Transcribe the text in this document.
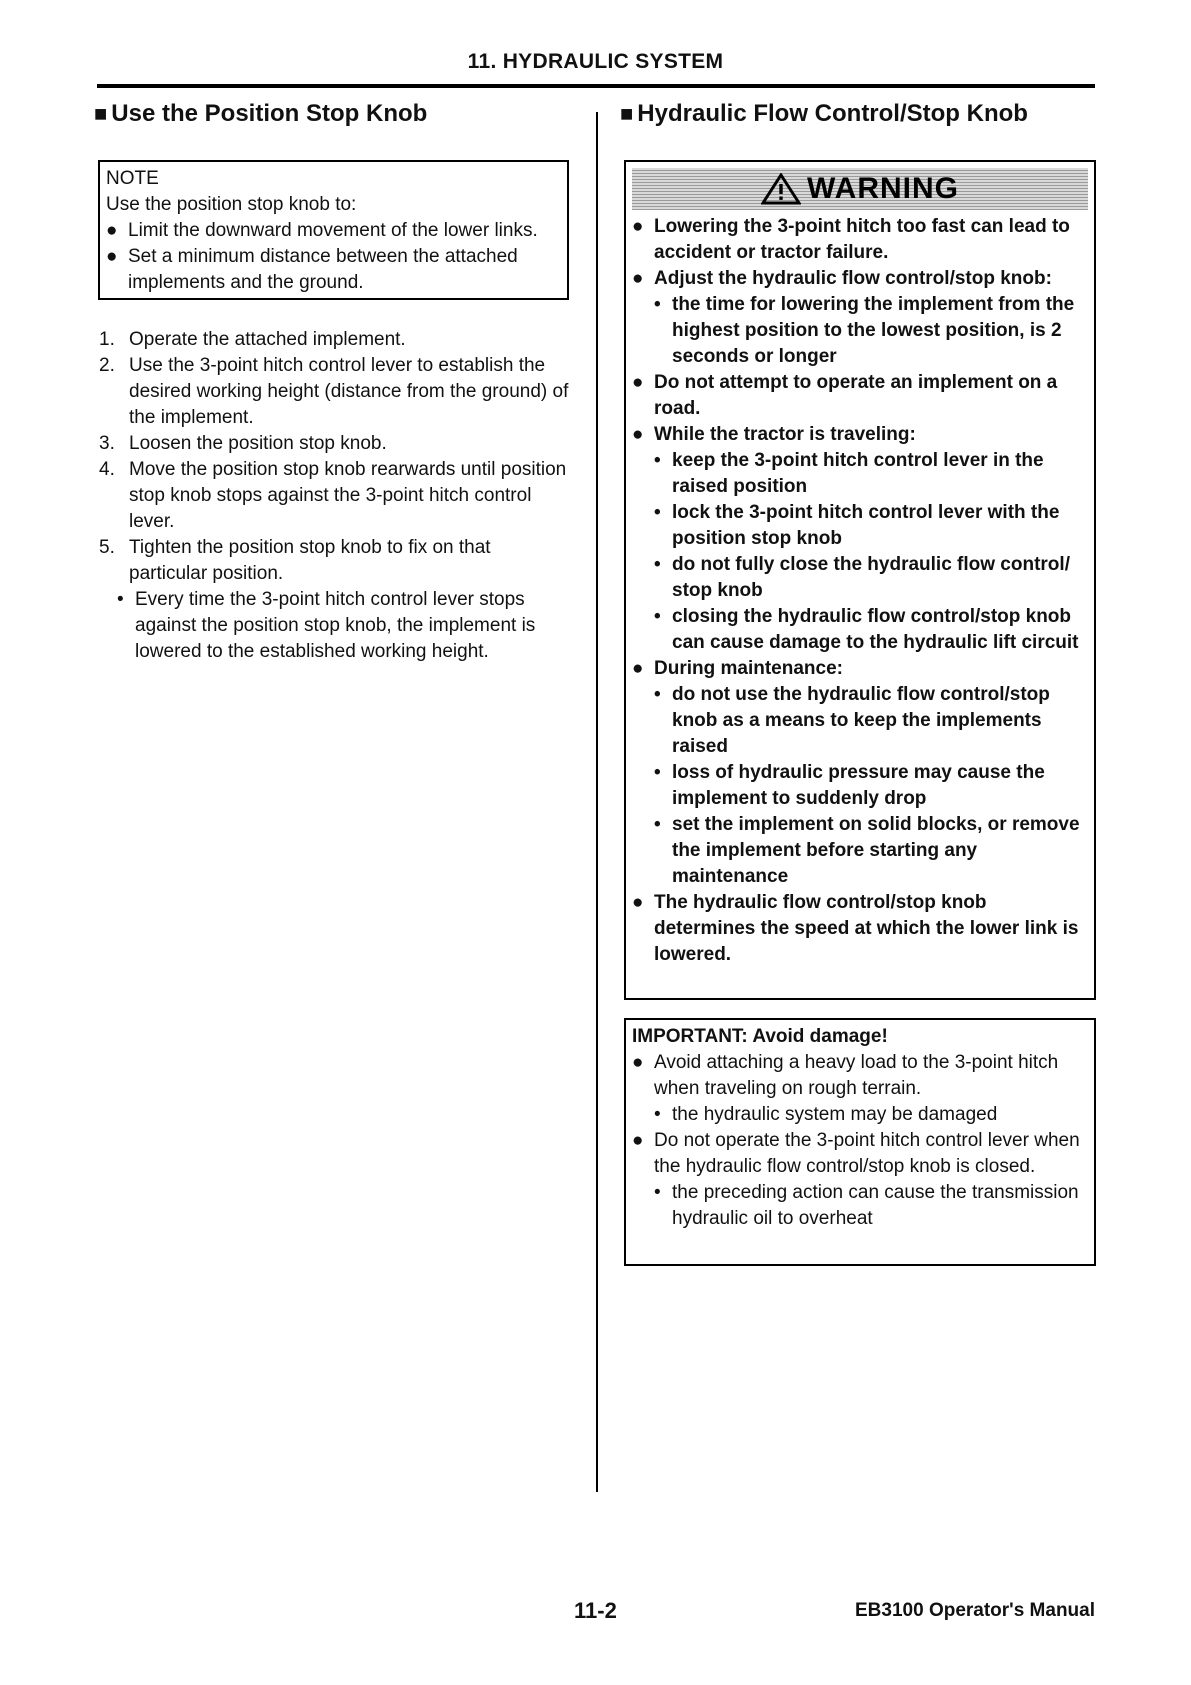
11. HYDRAULIC SYSTEM
■ Use the Position Stop Knob
NOTE
Use the position stop knob to:
● Limit the downward movement of the lower links.
● Set a minimum distance between the attached implements and the ground.
1. Operate the attached implement.
2. Use the 3-point hitch control lever to establish the desired working height (distance from the ground) of the implement.
3. Loosen the position stop knob.
4. Move the position stop knob rearwards until position stop knob stops against the 3-point hitch control lever.
5. Tighten the position stop knob to fix on that particular position.
• Every time the 3-point hitch control lever stops against the position stop knob, the implement is lowered to the established working height.
■ Hydraulic Flow Control/Stop Knob
WARNING
● Lowering the 3-point hitch too fast can lead to accident or tractor failure.
● Adjust the hydraulic flow control/stop knob:
• the time for lowering the implement from the highest position to the lowest position, is 2 seconds or longer
● Do not attempt to operate an implement on a road.
● While the tractor is traveling:
• keep the 3-point hitch control lever in the raised position
• lock the 3-point hitch control lever with the position stop knob
• do not fully close the hydraulic flow control/ stop knob
• closing the hydraulic flow control/stop knob can cause damage to the hydraulic lift circuit
● During maintenance:
• do not use the hydraulic flow control/stop knob as a means to keep the implements raised
• loss of hydraulic pressure may cause the implement to suddenly drop
• set the implement on solid blocks, or remove the implement before starting any maintenance
● The hydraulic flow control/stop knob determines the speed at which the lower link is lowered.
IMPORTANT: Avoid damage!
● Avoid attaching a heavy load to the 3-point hitch when traveling on rough terrain.
• the hydraulic system may be damaged
● Do not operate the 3-point hitch control lever when the hydraulic flow control/stop knob is closed.
• the preceding action can cause the transmission hydraulic oil to overheat
11-2	EB3100 Operator's Manual
